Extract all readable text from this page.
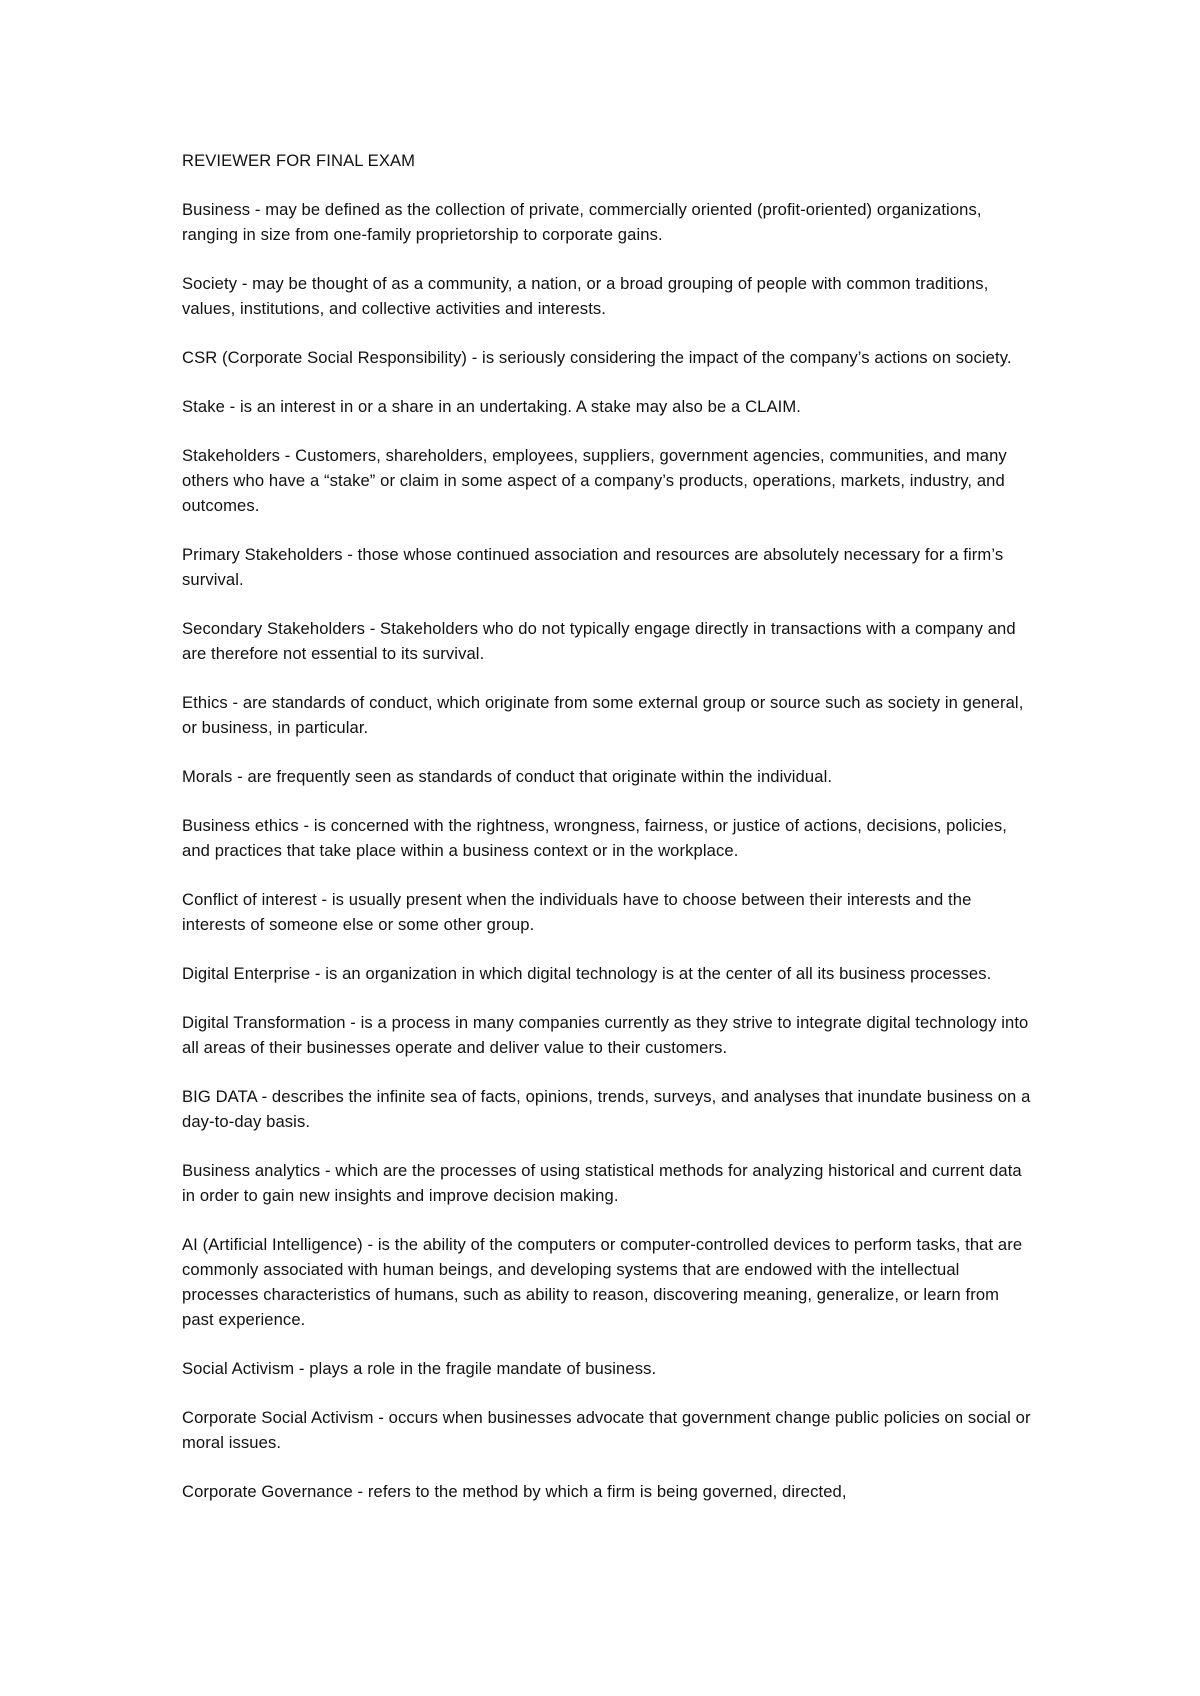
REVIEWER FOR FINAL EXAM

Business - may be defined as the collection of private, commercially oriented (profit-oriented) organizations, ranging in size from one-family proprietorship to corporate gains.

Society - may be thought of as a community, a nation, or a broad grouping of people with common traditions, values, institutions, and collective activities and interests.

CSR (Corporate Social Responsibility) - is seriously considering the impact of the company’s actions on society.

Stake - is an interest in or a share in an undertaking. A stake may also be a CLAIM.

Stakeholders - Customers, shareholders, employees, suppliers, government agencies, communities, and many others who have a “stake” or claim in some aspect of a company’s products, operations, markets, industry, and outcomes.

Primary Stakeholders - those whose continued association and resources are absolutely necessary for a firm’s survival.

Secondary Stakeholders - Stakeholders who do not typically engage directly in transactions with a company and are therefore not essential to its survival.

Ethics - are standards of conduct, which originate from some external group or source such as society in general, or business, in particular.

Morals - are frequently seen as standards of conduct that originate within the individual.

Business ethics - is concerned with the rightness, wrongness, fairness, or justice of actions, decisions, policies, and practices that take place within a business context or in the workplace.

Conflict of interest - is usually present when the individuals have to choose between their interests and the interests of someone else or some other group.

Digital Enterprise - is an organization in which digital technology is at the center of all its business processes.

Digital Transformation - is a process in many companies currently as they strive to integrate digital technology into all areas of their businesses operate and deliver value to their customers.

BIG DATA - describes the infinite sea of facts, opinions, trends, surveys, and analyses that inundate business on a day-to-day basis.

Business analytics - which are the processes of using statistical methods for analyzing historical and current data in order to gain new insights and improve decision making.

AI (Artificial Intelligence) - is the ability of the computers or computer-controlled devices to perform tasks, that are commonly associated with human beings, and developing systems that are endowed with the intellectual processes characteristics of humans, such as ability to reason, discovering meaning, generalize, or learn from past experience.

Social Activism - plays a role in the fragile mandate of business.

Corporate Social Activism - occurs when businesses advocate that government change public policies on social or moral issues.

Corporate Governance - refers to the method by which a firm is being governed, directed,
